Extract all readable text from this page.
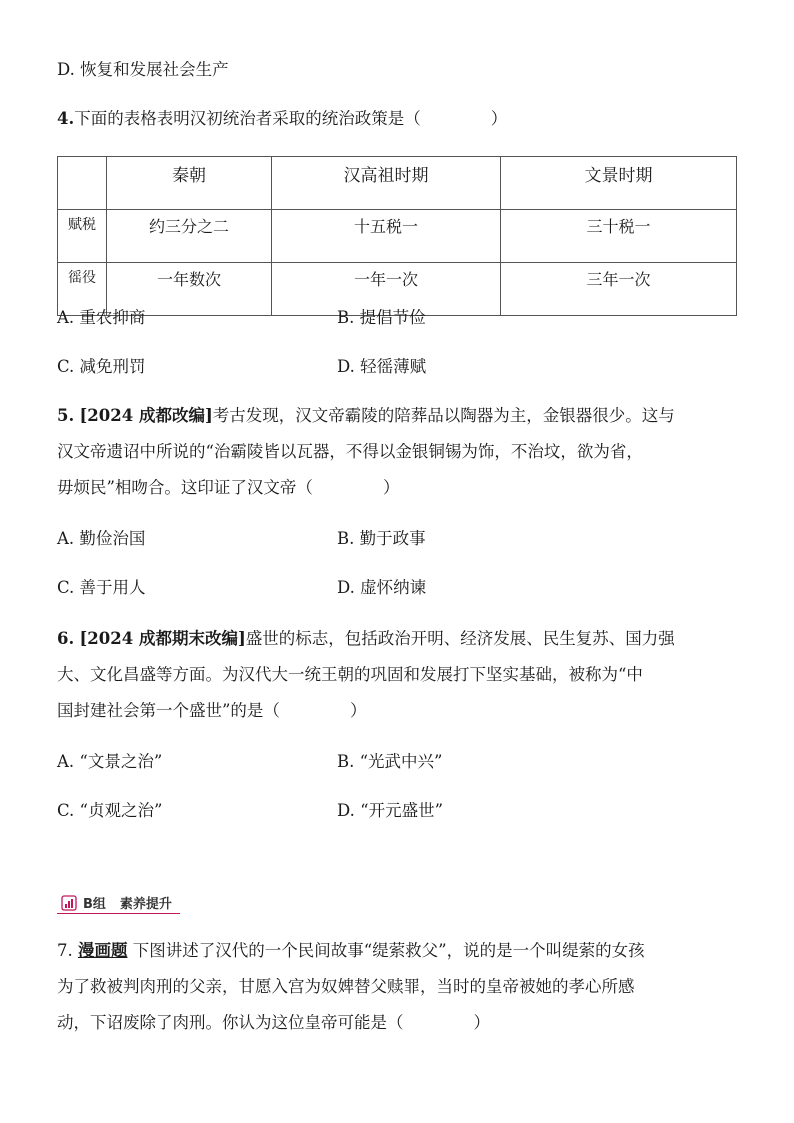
D. 恢复和发展社会生产
4.下面的表格表明汉初统治者采取的统治政策是（	）
	秦朝	汉高祖时期	文景时期
赋税	约三分之二	十五税一	三十税一
徭役	一年数次	一年一次	三年一次
A. 重农抑商	B. 提倡节俭
C. 减免刑罚	D. 轻徭薄赋
5. [2024 成都改编]考古发现，汉文帝霸陵的陪葬品以陶器为主，金银器很少。这与
汉文帝遗诏中所说的“治霸陵皆以瓦器，不得以金银铜锡为饰，不治坟，欲为省，
毋烦民”相吻合。这印证了汉文帝（	）
A. 勤俭治国	B. 勤于政事
C. 善于用人	D. 虚怀纳谏
6. [2024 成都期末改编]盛世的标志，包括政治开明、经济发展、民生复苏、国力强
大、文化昌盛等方面。为汉代大一统王朝的巩固和发展打下坚实基础，被称为“中
国封建社会第一个盛世”的是（	）
A. “文景之治”	B. “光武中兴”
C. “贞观之治”	D. “开元盛世”
B组 素养提升
7. 漫画题 下图讲述了汉代的一个民间故事“缇萦救父”，说的是一个叫缇萦的女孩
为了救被判肉刑的父亲，甘愿入宫为奴婢替父赎罪，当时的皇帝被她的孝心所感
动，下诏废除了肉刑。你认为这位皇帝可能是（	）
